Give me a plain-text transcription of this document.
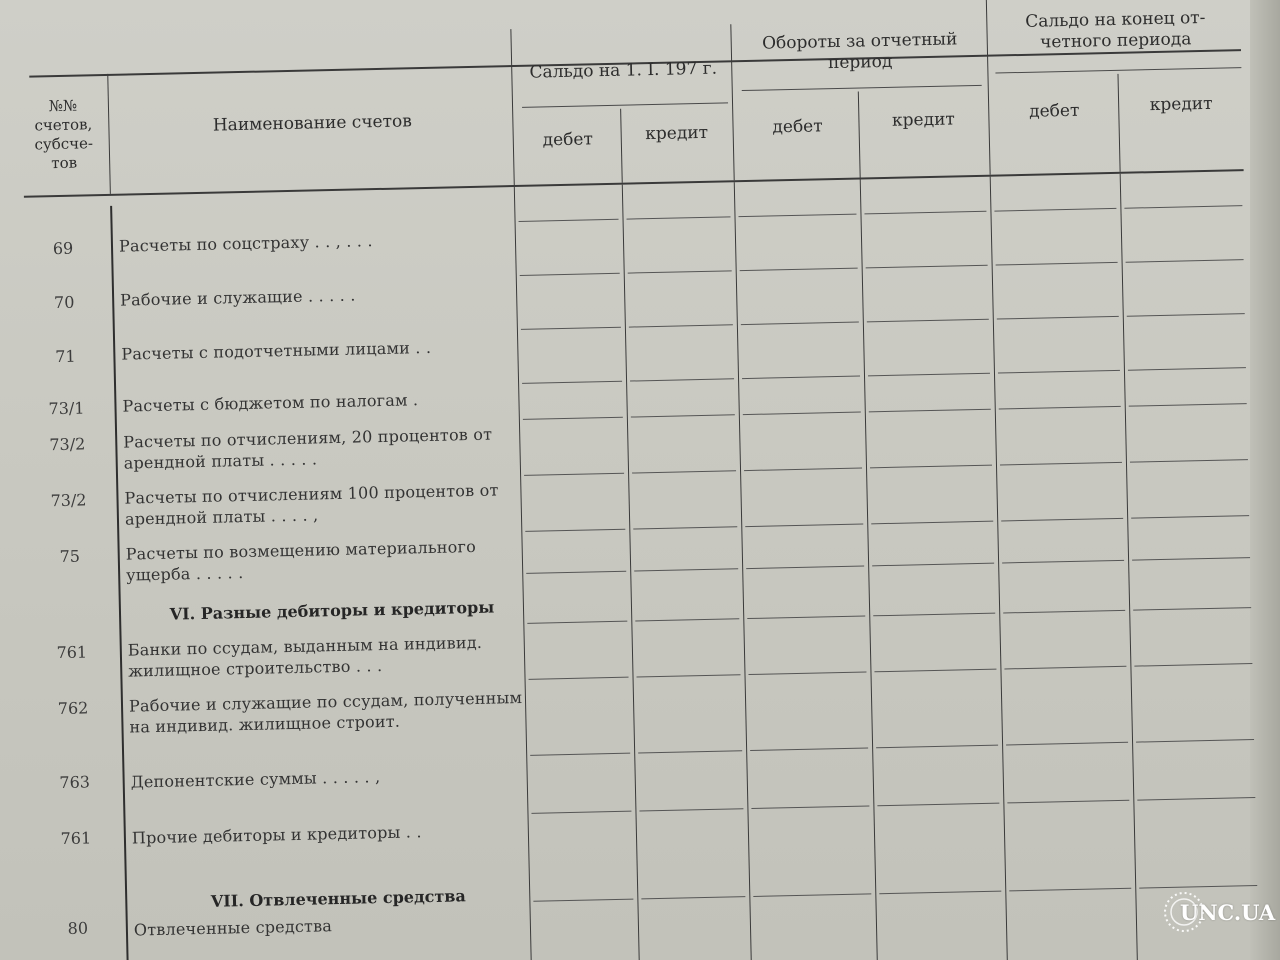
№№ счетов, субсче- тов
Наименование счетов
Сальдо на 1. I. 197 г.
Обороты за отчетный период
Сальдо на конец от- четного периода
дебет	кредит	дебет	кредит	дебет	кредит
69	Расчеты по соцстраху . . , . . .
70	Рабочие и служащие . . . . .
71	Расчеты с подотчетными лицами . .
73/1	Расчеты с бюджетом по налогам .
73/2	Расчеты по отчислениям, 20 процентов от арендной платы . . . . .
73/2	Расчеты по отчислениям 100 процентов от арендной платы . . . . ,
75	Расчеты по возмещению материального ущерба . . . . .
VI. Разные дебиторы и кредиторы
761	Банки по ссудам, выданным на индивид. жилищное строительство . . .
762	Рабочие и служащие по ссудам, полученным на индивид. жилищное строит.
763	Депонентские суммы . . . . . ,
761	Прочие дебиторы и кредиторы . .
VII. Отвлеченные средства
80	Отвлеченные средства
UNC.UA
